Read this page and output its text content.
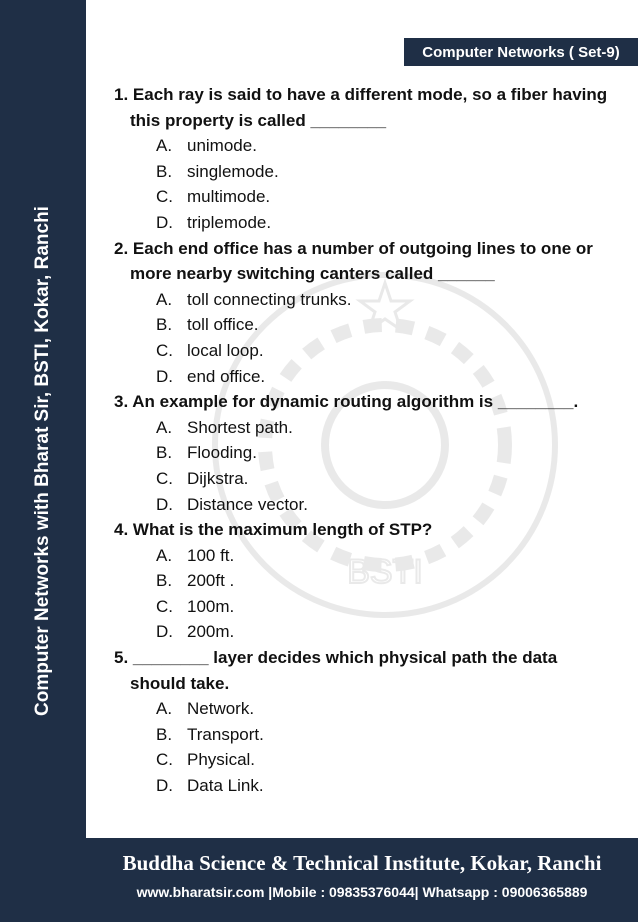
Computer Networks with Bharat Sir, BSTI, Kokar, Ranchi
Computer Networks ( Set-9)
BSTI
1. Each ray is said to have a different mode, so a fiber having this property is called ________
A. unimode.
B. singlemode.
C. multimode.
D. triplemode.
2. Each end office has a number of outgoing lines to one or more nearby switching canters called ______
A. toll connecting trunks.
B. toll office.
C. local loop.
D. end office.
3. An example for dynamic routing algorithm is ________.
A. Shortest path.
B. Flooding.
C. Dijkstra.
D. Distance vector.
4. What is the maximum length of STP?
A. 100 ft.
B. 200ft .
C. 100m.
D. 200m.
5. ________ layer decides which physical path the data should take.
A. Network.
B. Transport.
C. Physical.
D. Data Link.
Buddha Science & Technical Institute, Kokar, Ranchi
www.bharatsir.com |Mobile : 09835376044| Whatsapp : 09006365889
